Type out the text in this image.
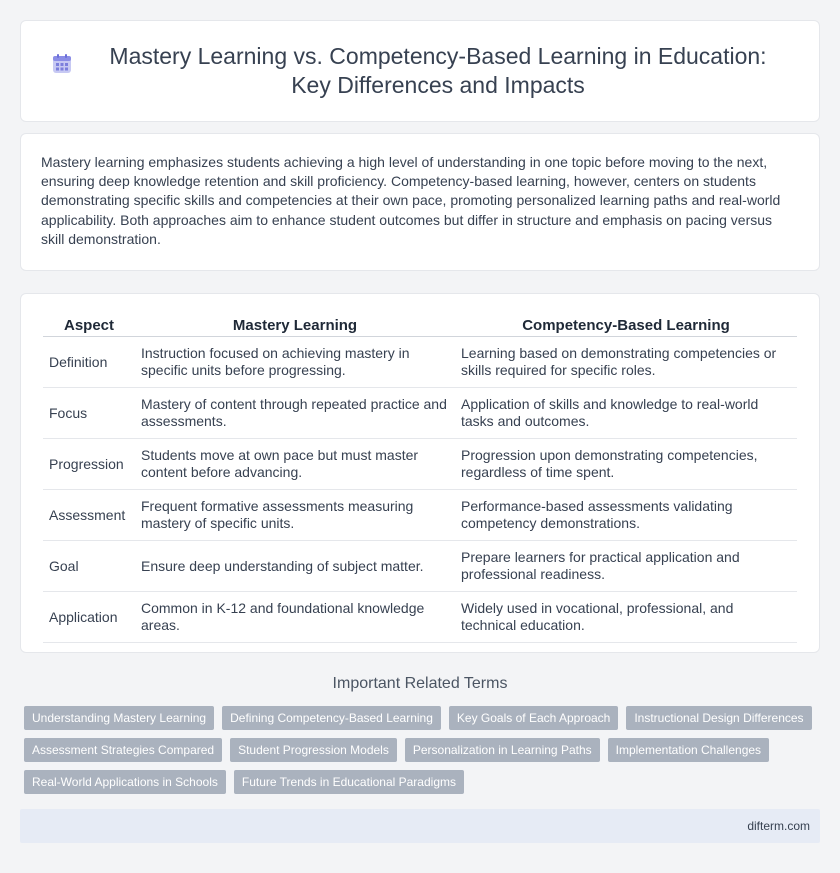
Mastery Learning vs. Competency-Based Learning in Education: Key Differences and Impacts

Mastery learning emphasizes students achieving a high level of understanding in one topic before moving to the next, ensuring deep knowledge retention and skill proficiency. Competency-based learning, however, centers on students demonstrating specific skills and competencies at their own pace, promoting personalized learning paths and real-world applicability. Both approaches aim to enhance student outcomes but differ in structure and emphasis on pacing versus skill demonstration.

Aspect	Mastery Learning	Competency-Based Learning
Definition	Instruction focused on achieving mastery in specific units before progressing.	Learning based on demonstrating competencies or skills required for specific roles.
Focus	Mastery of content through repeated practice and assessments.	Application of skills and knowledge to real-world tasks and outcomes.
Progression	Students move at own pace but must master content before advancing.	Progression upon demonstrating competencies, regardless of time spent.
Assessment	Frequent formative assessments measuring mastery of specific units.	Performance-based assessments validating competency demonstrations.
Goal	Ensure deep understanding of subject matter.	Prepare learners for practical application and professional readiness.
Application	Common in K-12 and foundational knowledge areas.	Widely used in vocational, professional, and technical education.
Important Related Terms
Understanding Mastery Learning	Defining Competency-Based Learning	Key Goals of Each Approach	Instructional Design Differences
Assessment Strategies Compared	Student Progression Models	Personalization in Learning Paths	Implementation Challenges
Real-World Applications in Schools	Future Trends in Educational Paradigms
difterm.com
